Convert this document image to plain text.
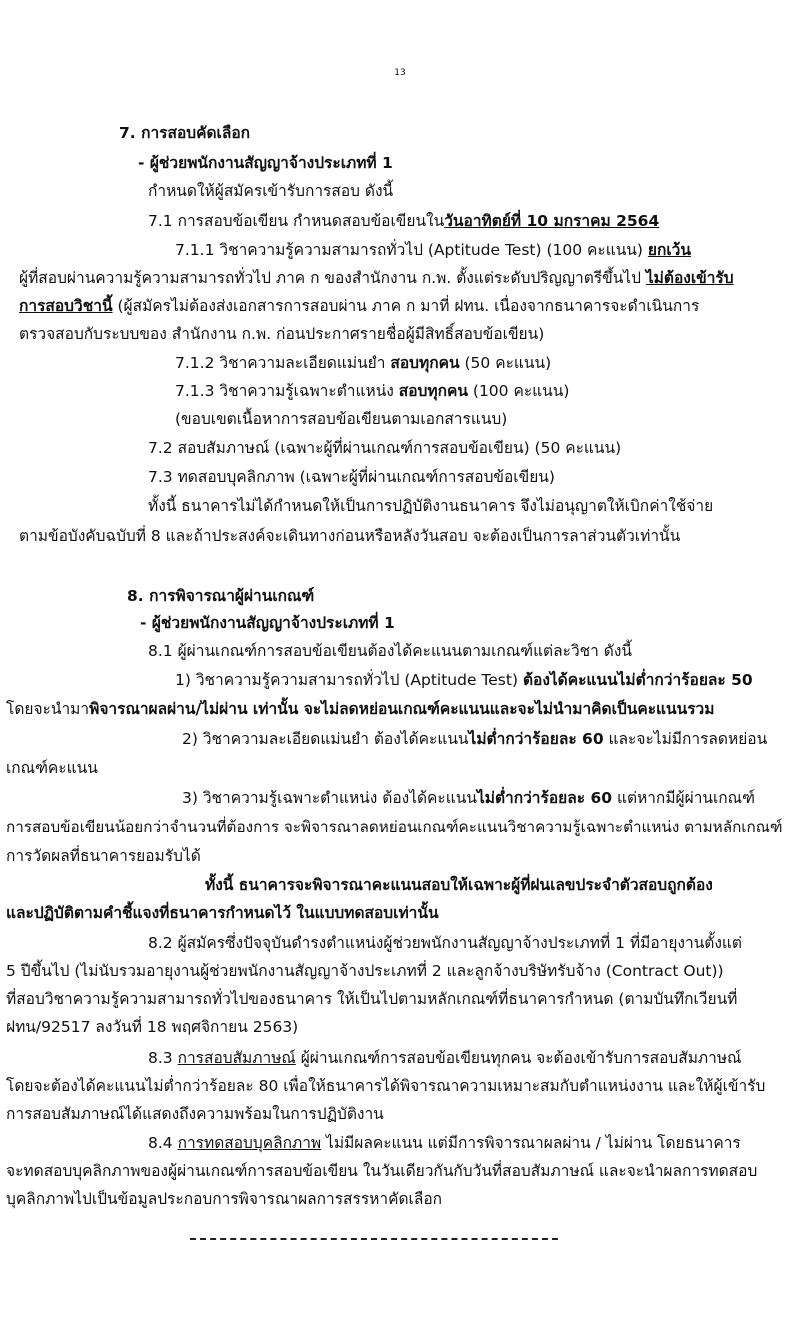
13
7. การสอบคัดเลือก
- ผู้ช่วยพนักงานสัญญาจ้างประเภทที่ 1
กำหนดให้ผู้สมัครเข้ารับการสอบ ดังนี้
7.1 การสอบข้อเขียน กำหนดสอบข้อเขียนในวันอาทิตย์ที่ 10 มกราคม 2564
7.1.1 วิชาความรู้ความสามารถทั่วไป (Aptitude Test) (100 คะแนน) ยกเว้น
ผู้ที่สอบผ่านความรู้ความสามารถทั่วไป ภาค ก ของสำนักงาน ก.พ. ตั้งแต่ระดับปริญญาตรีขึ้นไป ไม่ต้องเข้ารับ
การสอบวิชานี้ (ผู้สมัครไม่ต้องส่งเอกสารการสอบผ่าน ภาค ก มาที่ ฝทน. เนื่องจากธนาคารจะดำเนินการ
ตรวจสอบกับระบบของ สำนักงาน ก.พ. ก่อนประกาศรายชื่อผู้มีสิทธิ์สอบข้อเขียน)
7.1.2 วิชาความละเอียดแม่นยำ สอบทุกคน (50 คะแนน)
7.1.3 วิชาความรู้เฉพาะตำแหน่ง สอบทุกคน (100 คะแนน)
(ขอบเขตเนื้อหาการสอบข้อเขียนตามเอกสารแนบ)
7.2 สอบสัมภาษณ์ (เฉพาะผู้ที่ผ่านเกณฑ์การสอบข้อเขียน) (50 คะแนน)
7.3 ทดสอบบุคลิกภาพ (เฉพาะผู้ที่ผ่านเกณฑ์การสอบข้อเขียน)
ทั้งนี้ ธนาคารไม่ได้กำหนดให้เป็นการปฏิบัติงานธนาคาร จึงไม่อนุญาตให้เบิกค่าใช้จ่าย
ตามข้อบังคับฉบับที่ 8 และถ้าประสงค์จะเดินทางก่อนหรือหลังวันสอบ จะต้องเป็นการลาส่วนตัวเท่านั้น
8. การพิจารณาผู้ผ่านเกณฑ์
- ผู้ช่วยพนักงานสัญญาจ้างประเภทที่ 1
8.1 ผู้ผ่านเกณฑ์การสอบข้อเขียนต้องได้คะแนนตามเกณฑ์แต่ละวิชา ดังนี้
1) วิชาความรู้ความสามารถทั่วไป (Aptitude Test) ต้องได้คะแนนไม่ต่ำกว่าร้อยละ 50
โดยจะนำมาพิจารณาผลผ่าน/ไม่ผ่าน เท่านั้น จะไม่ลดหย่อนเกณฑ์คะแนนและจะไม่นำมาคิดเป็นคะแนนรวม
2) วิชาความละเอียดแม่นยำ ต้องได้คะแนนไม่ต่ำกว่าร้อยละ 60 และจะไม่มีการลดหย่อน
เกณฑ์คะแนน
3) วิชาความรู้เฉพาะตำแหน่ง ต้องได้คะแนนไม่ต่ำกว่าร้อยละ 60 แต่หากมีผู้ผ่านเกณฑ์
การสอบข้อเขียนน้อยกว่าจำนวนที่ต้องการ จะพิจารณาลดหย่อนเกณฑ์คะแนนวิชาความรู้เฉพาะตำแหน่ง ตามหลักเกณฑ์
การวัดผลที่ธนาคารยอมรับได้
ทั้งนี้ ธนาคารจะพิจารณาคะแนนสอบให้เฉพาะผู้ที่ฝนเลขประจำตัวสอบถูกต้อง
และปฏิบัติตามคำชี้แจงที่ธนาคารกำหนดไว้ ในแบบทดสอบเท่านั้น
8.2 ผู้สมัครซึ่งปัจจุบันดำรงตำแหน่งผู้ช่วยพนักงานสัญญาจ้างประเภทที่ 1 ที่มีอายุงานตั้งแต่
5 ปีขึ้นไป (ไม่นับรวมอายุงานผู้ช่วยพนักงานสัญญาจ้างประเภทที่ 2 และลูกจ้างบริษัทรับจ้าง (Contract Out))
ที่สอบวิชาความรู้ความสามารถทั่วไปของธนาคาร ให้เป็นไปตามหลักเกณฑ์ที่ธนาคารกำหนด (ตามบันทึกเวียนที่
ฝทน/92517 ลงวันที่ 18 พฤศจิกายน 2563)
8.3 การสอบสัมภาษณ์ ผู้ผ่านเกณฑ์การสอบข้อเขียนทุกคน จะต้องเข้ารับการสอบสัมภาษณ์
โดยจะต้องได้คะแนนไม่ต่ำกว่าร้อยละ 80 เพื่อให้ธนาคารได้พิจารณาความเหมาะสมกับตำแหน่งงาน และให้ผู้เข้ารับ
การสอบสัมภาษณ์ได้แสดงถึงความพร้อมในการปฏิบัติงาน
8.4 การทดสอบบุคลิกภาพ ไม่มีผลคะแนน แต่มีการพิจารณาผลผ่าน / ไม่ผ่าน โดยธนาคาร
จะทดสอบบุคลิกภาพของผู้ผ่านเกณฑ์การสอบข้อเขียน ในวันเดียวกันกับวันที่สอบสัมภาษณ์ และจะนำผลการทดสอบ
บุคลิกภาพไปเป็นข้อมูลประกอบการพิจารณาผลการสรรหาคัดเลือก
